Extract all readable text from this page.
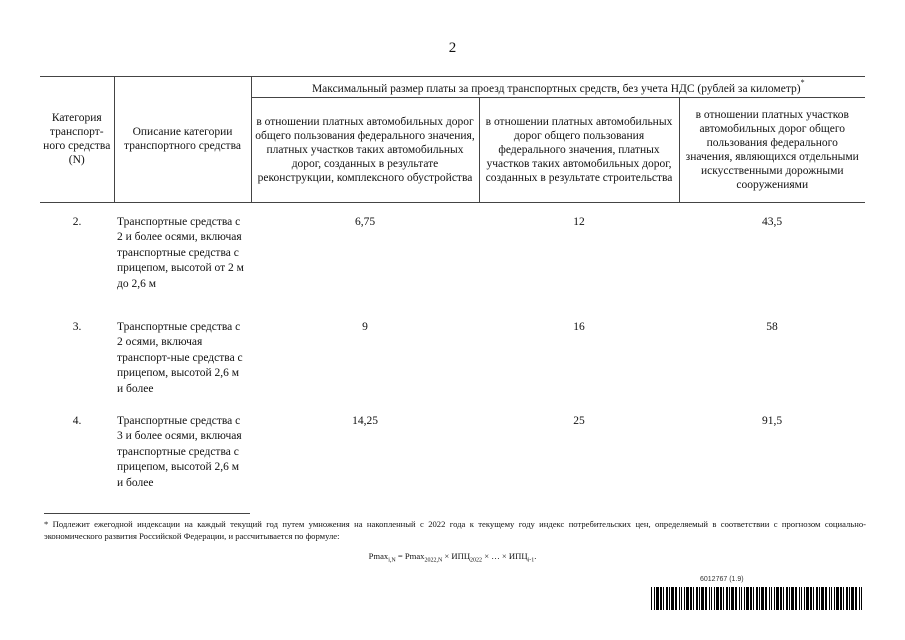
2
Категория транспорт-ного средства (N)	Описание категории транспортного средства	Максимальный размер платы за проезд транспортных средств, без учета НДС (рублей за километр)*
		в отношении платных автомобильных дорог общего пользования федерального значения, платных участков таких автомобильных дорог, созданных в результате реконструкции, комплексного обустройства	в отношении платных автомобильных дорог общего пользования федерального значения, платных участков таких автомобильных дорог, созданных в результате строительства	в отношении платных участков автомобильных дорог общего пользования федерального значения, являющихся отдельными искусственными дорожными сооружениями

2.	Транспортные средства с 2 и более осями, включая транспортные средства с прицепом, высотой от 2 м до 2,6 м	6,75	12	43,5
3.	Транспортные средства с 2 осями, включая транспорт-ные средства с прицепом, высотой 2,6 м и более	9	16	58
4.	Транспортные средства с 3 и более осями, включая транспортные средства с прицепом, высотой 2,6 м и более	14,25	25	91,5
* Подлежит ежегодной индексации на каждый текущий год путем умножения на накопленный с 2022 года к текущему году индекс потребительских цен, определяемый в соответствии с прогнозом социально-экономического развития Российской Федерации, и рассчитывается по формуле:
$Pmax_{i,N} = Pmax_{2022,N} \times ИПЦ_{2022}$ × … × $ИПЦ_{i-1}$.
6012767 (1.9)
